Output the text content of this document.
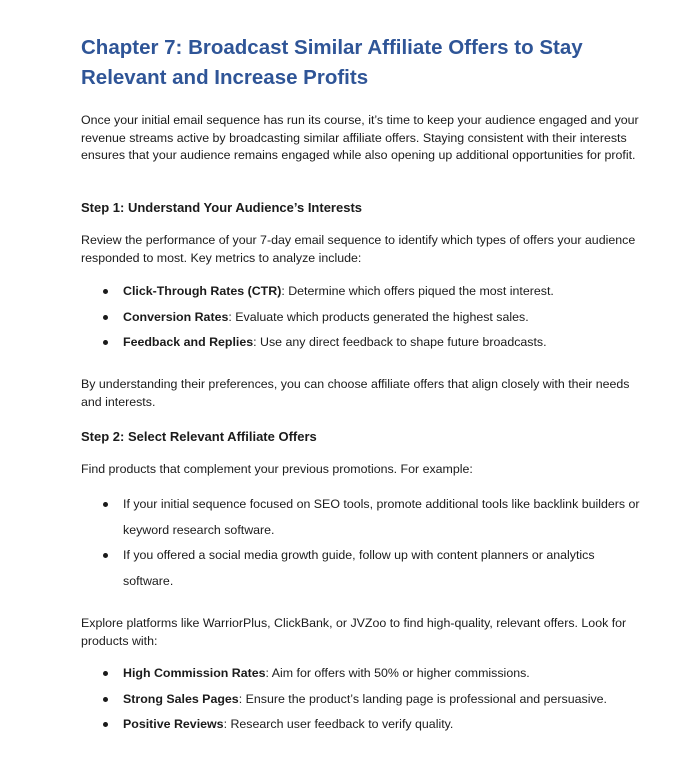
Chapter 7: Broadcast Similar Affiliate Offers to Stay Relevant and Increase Profits

Once your initial email sequence has run its course, it’s time to keep your audience engaged and your revenue streams active by broadcasting similar affiliate offers. Staying consistent with their interests ensures that your audience remains engaged while also opening up additional opportunities for profit.

Step 1: Understand Your Audience’s Interests

Review the performance of your 7-day email sequence to identify which types of offers your audience responded to most. Key metrics to analyze include:

Click-Through Rates (CTR): Determine which offers piqued the most interest.
Conversion Rates: Evaluate which products generated the highest sales.
Feedback and Replies: Use any direct feedback to shape future broadcasts.

By understanding their preferences, you can choose affiliate offers that align closely with their needs and interests.

Step 2: Select Relevant Affiliate Offers

Find products that complement your previous promotions. For example:

If your initial sequence focused on SEO tools, promote additional tools like backlink builders or keyword research software.
If you offered a social media growth guide, follow up with content planners or analytics software.

Explore platforms like WarriorPlus, ClickBank, or JVZoo to find high-quality, relevant offers. Look for products with:

High Commission Rates: Aim for offers with 50% or higher commissions.
Strong Sales Pages: Ensure the product’s landing page is professional and persuasive.
Positive Reviews: Research user feedback to verify quality.
